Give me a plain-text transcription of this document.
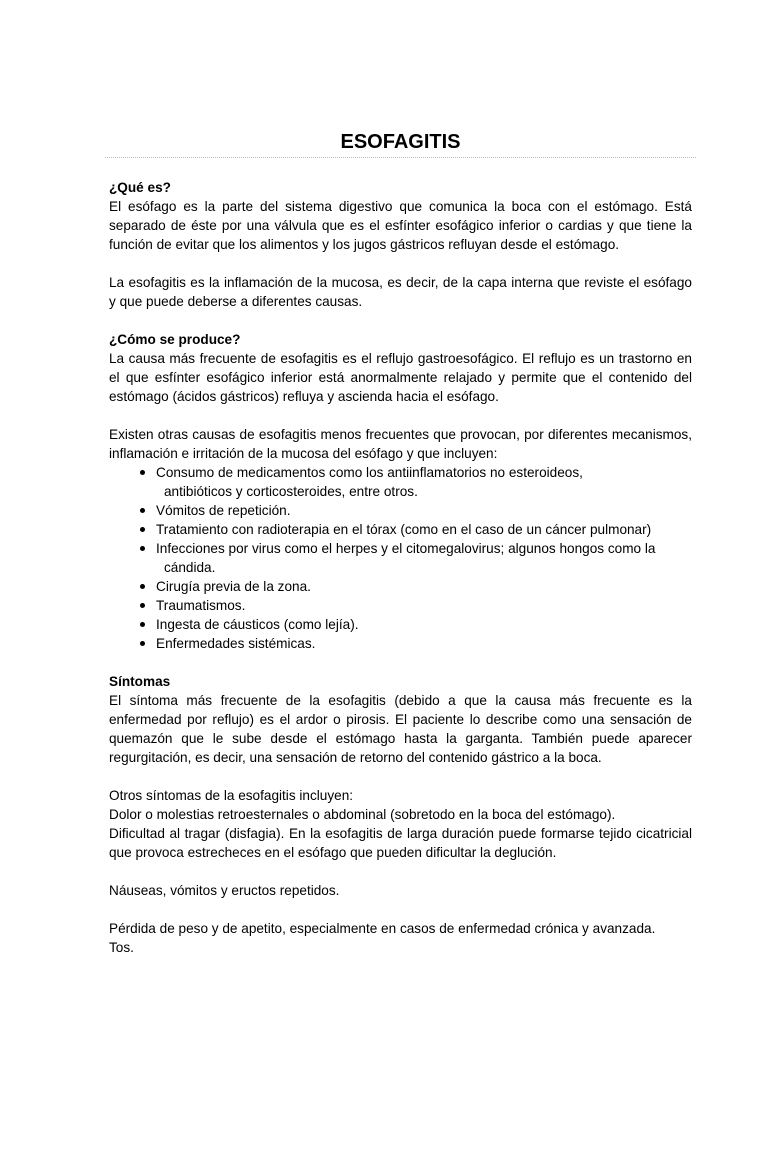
ESOFAGITIS
¿Qué es?

El esófago es la parte del sistema digestivo que comunica la boca con el estómago. Está separado de éste por una válvula que es el esfínter esofágico inferior o cardias y que tiene la función de evitar que los alimentos y los jugos gástricos refluyan desde el estómago.

La esofagitis es la inflamación de la mucosa, es decir, de la capa interna que reviste el esófago y que puede deberse a diferentes causas.

¿Cómo se produce?

La causa más frecuente de esofagitis es el reflujo gastroesofágico. El reflujo es un trastorno en el que esfínter esofágico inferior está anormalmente relajado y permite que el contenido del estómago (ácidos gástricos) refluya y ascienda hacia el esófago.

Existen otras causas de esofagitis menos frecuentes que provocan, por diferentes mecanismos, inflamación e irritación de la mucosa del esófago y que incluyen:

Consumo de medicamentos como los antiinflamatorios no esteroideos,
antibióticos y corticosteroides, entre otros.
Vómitos de repetición.
Tratamiento con radioterapia en el tórax (como en el caso de un cáncer pulmonar)
Infecciones por virus como el herpes y el citomegalovirus; algunos hongos como la
cándida.
Cirugía previa de la zona.
Traumatismos.
Ingesta de cáusticos (como lejía).
Enfermedades sistémicas.
Síntomas

El síntoma más frecuente de la esofagitis (debido a que la causa más frecuente es la enfermedad por reflujo) es el ardor o pirosis. El paciente lo describe como una sensación de quemazón que le sube desde el estómago hasta la garganta. También puede aparecer regurgitación, es decir, una sensación de retorno del contenido gástrico a la boca.

Otros síntomas de la esofagitis incluyen:

Dolor o molestias retroesternales o abdominal (sobretodo en la boca del estómago).

Dificultad al tragar (disfagia). En la esofagitis de larga duración puede formarse tejido cicatricial que provoca estrecheces en el esófago que pueden dificultar la deglución.

Náuseas, vómitos y eructos repetidos.

Pérdida de peso y de apetito, especialmente en casos de enfermedad crónica y avanzada.

Tos.
